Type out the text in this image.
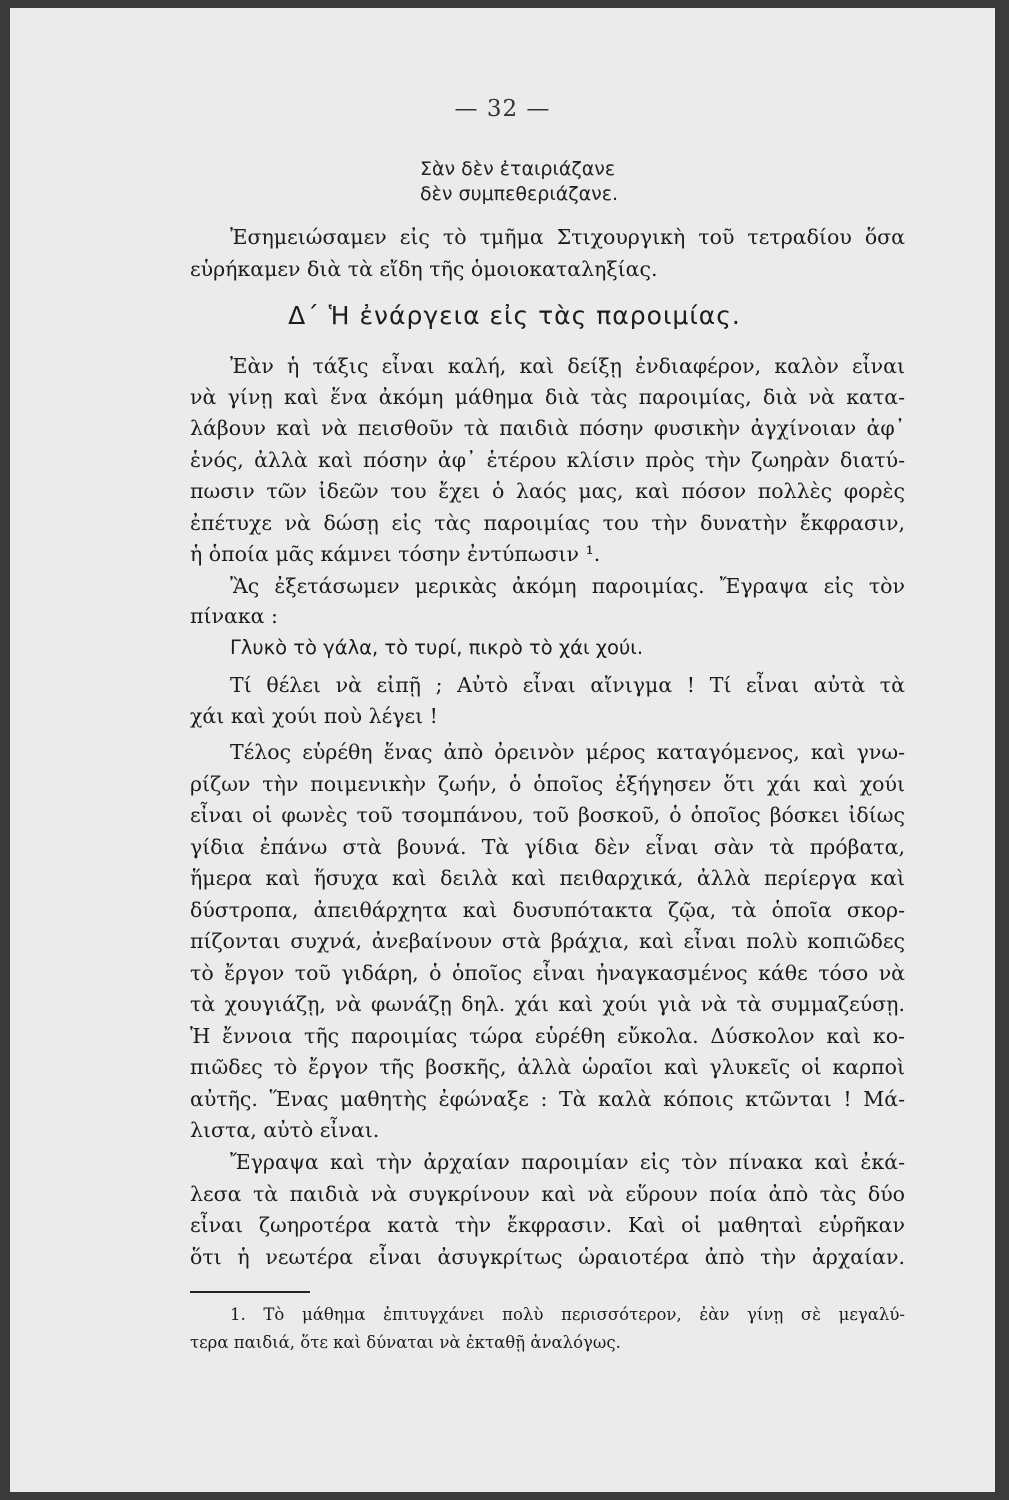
— 32 —
Σὰν δὲν ἐταιριάζανε
δὲν συμπεθεριάζανε.
Ἐσημειώσαμεν εἰς τὸ τμῆμα Στιχουργικὴ τοῦ τετραδίου ὅσα
εὑρήκαμεν διὰ τὰ εἴδη τῆς ὁμοιοκαταληξίας.
Δ΄ Ἡ ἐνάργεια εἰς τὰς παροιμίας.
Ἐὰν ἡ τάξις εἶναι καλή, καὶ δείξῃ ἐνδιαφέρον, καλὸν εἶναι
νὰ γίνῃ καὶ ἕνα ἀκόμη μάθημα διὰ τὰς παροιμίας, διὰ νὰ κατα-
λάβουν καὶ νὰ πεισθοῦν τὰ παιδιὰ πόσην φυσικὴν ἀγχίνοιαν ἀφ᾽
ἑνός, ἀλλὰ καὶ πόσην ἀφ᾽ ἑτέρου κλίσιν πρὸς τὴν ζωηρὰν διατύ-
πωσιν τῶν ἰδεῶν του ἔχει ὁ λαός μας, καὶ πόσον πολλὲς φορὲς
ἐπέτυχε νὰ δώσῃ εἰς τὰς παροιμίας του τὴν δυνατὴν ἔκφρασιν,
ἡ ὁποία μᾶς κάμνει τόσην ἐντύπωσιν ¹.
Ἂς ἐξετάσωμεν μερικὰς ἀκόμη παροιμίας. Ἔγραψα εἰς τὸν
πίνακα :
Γλυκὸ τὸ γάλα, τὸ τυρί, πικρὸ τὸ χάι χούι.
Τί θέλει νὰ εἰπῇ ; Αὐτὸ εἶναι αἴνιγμα ! Τί εἶναι αὐτὰ τὰ
χάι καὶ χούι ποὺ λέγει !
Τέλος εὑρέθη ἕνας ἀπὸ ὀρεινὸν μέρος καταγόμενος, καὶ γνω-
ρίζων τὴν ποιμενικὴν ζωήν, ὁ ὁποῖος ἐξήγησεν ὅτι χάι καὶ χούι
εἶναι οἱ φωνὲς τοῦ τσομπάνου, τοῦ βοσκοῦ, ὁ ὁποῖος βόσκει ἰδίως
γίδια ἐπάνω στὰ βουνά. Τὰ γίδια δὲν εἶναι σὰν τὰ πρόβατα,
ἥμερα καὶ ἥσυχα καὶ δειλὰ καὶ πειθαρχικά, ἀλλὰ περίεργα καὶ
δύστροπα, ἀπειθάρχητα καὶ δυσυπότακτα ζῷα, τὰ ὁποῖα σκορ-
πίζονται συχνά, ἀνεβαίνουν στὰ βράχια, καὶ εἶναι πολὺ κοπιῶδες
τὸ ἔργον τοῦ γιδάρη, ὁ ὁποῖος εἶναι ἠναγκασμένος κάθε τόσο νὰ
τὰ χουγιάζῃ, νὰ φωνάζῃ δηλ. χάι καὶ χούι γιὰ νὰ τὰ συμμαζεύσῃ.
Ἡ ἔννοια τῆς παροιμίας τώρα εὑρέθη εὔκολα. Δύσκολον καὶ κο-
πιῶδες τὸ ἔργον τῆς βοσκῆς, ἀλλὰ ὡραῖοι καὶ γλυκεῖς οἱ καρποὶ
αὐτῆς. Ἕνας μαθητὴς ἐφώναξε : Τὰ καλὰ κόποις κτῶνται ! Μά-
λιστα, αὐτὸ εἶναι.
Ἔγραψα καὶ τὴν ἀρχαίαν παροιμίαν εἰς τὸν πίνακα καὶ ἐκά-
λεσα τὰ παιδιὰ νὰ συγκρίνουν καὶ νὰ εὕρουν ποία ἀπὸ τὰς δύο
εἶναι ζωηροτέρα κατὰ τὴν ἔκφρασιν. Καὶ οἱ μαθηταὶ εὑρῆκαν
ὅτι ἡ νεωτέρα εἶναι ἀσυγκρίτως ὡραιοτέρα ἀπὸ τὴν ἀρχαίαν.
1. Τὸ μάθημα ἐπιτυγχάνει πολὺ περισσότερον, ἐὰν γίνῃ σὲ μεγαλύ-
τερα παιδιά, ὅτε καὶ δύναται νὰ ἐκταθῇ ἀναλόγως.
